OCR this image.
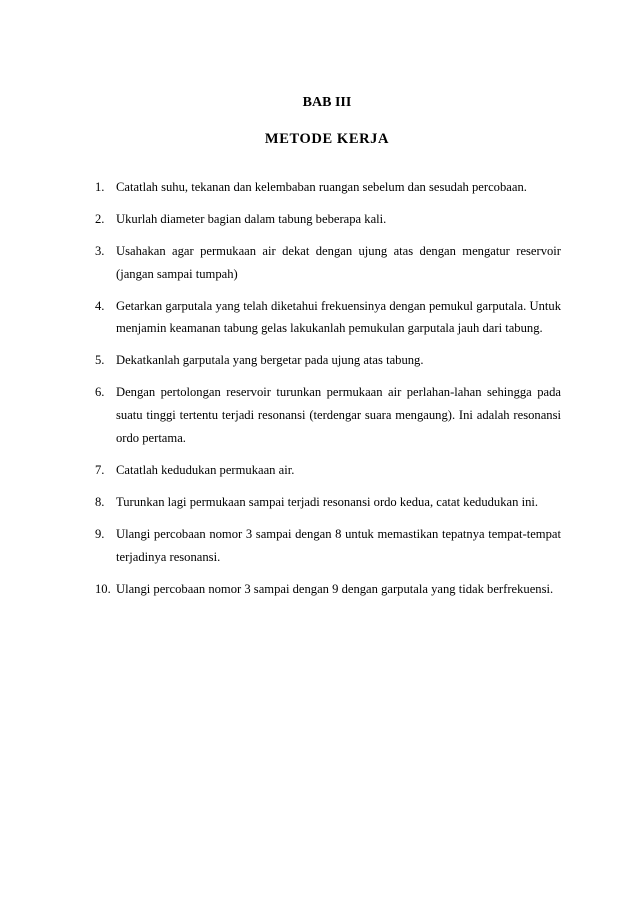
BAB III
METODE KERJA
1. Catatlah suhu, tekanan dan kelembaban ruangan sebelum dan sesudah percobaan.
2. Ukurlah diameter bagian dalam tabung beberapa kali.
3. Usahakan agar permukaan air dekat dengan ujung atas dengan mengatur reservoir (jangan sampai tumpah)
4. Getarkan garputala yang telah diketahui frekuensinya dengan pemukul garputala. Untuk menjamin keamanan tabung gelas lakukanlah pemukulan garputala jauh dari tabung.
5. Dekatkanlah garputala yang bergetar pada ujung atas tabung.
6. Dengan pertolongan reservoir turunkan permukaan air perlahan-lahan sehingga pada suatu tinggi tertentu terjadi resonansi (terdengar suara mengaung). Ini adalah resonansi ordo pertama.
7. Catatlah kedudukan permukaan air.
8. Turunkan lagi permukaan sampai terjadi resonansi ordo kedua, catat kedudukan ini.
9. Ulangi percobaan nomor 3 sampai dengan 8 untuk memastikan tepatnya tempat-tempat terjadinya resonansi.
10. Ulangi percobaan nomor 3 sampai dengan 9 dengan garputala yang tidak berfrekuensi.
